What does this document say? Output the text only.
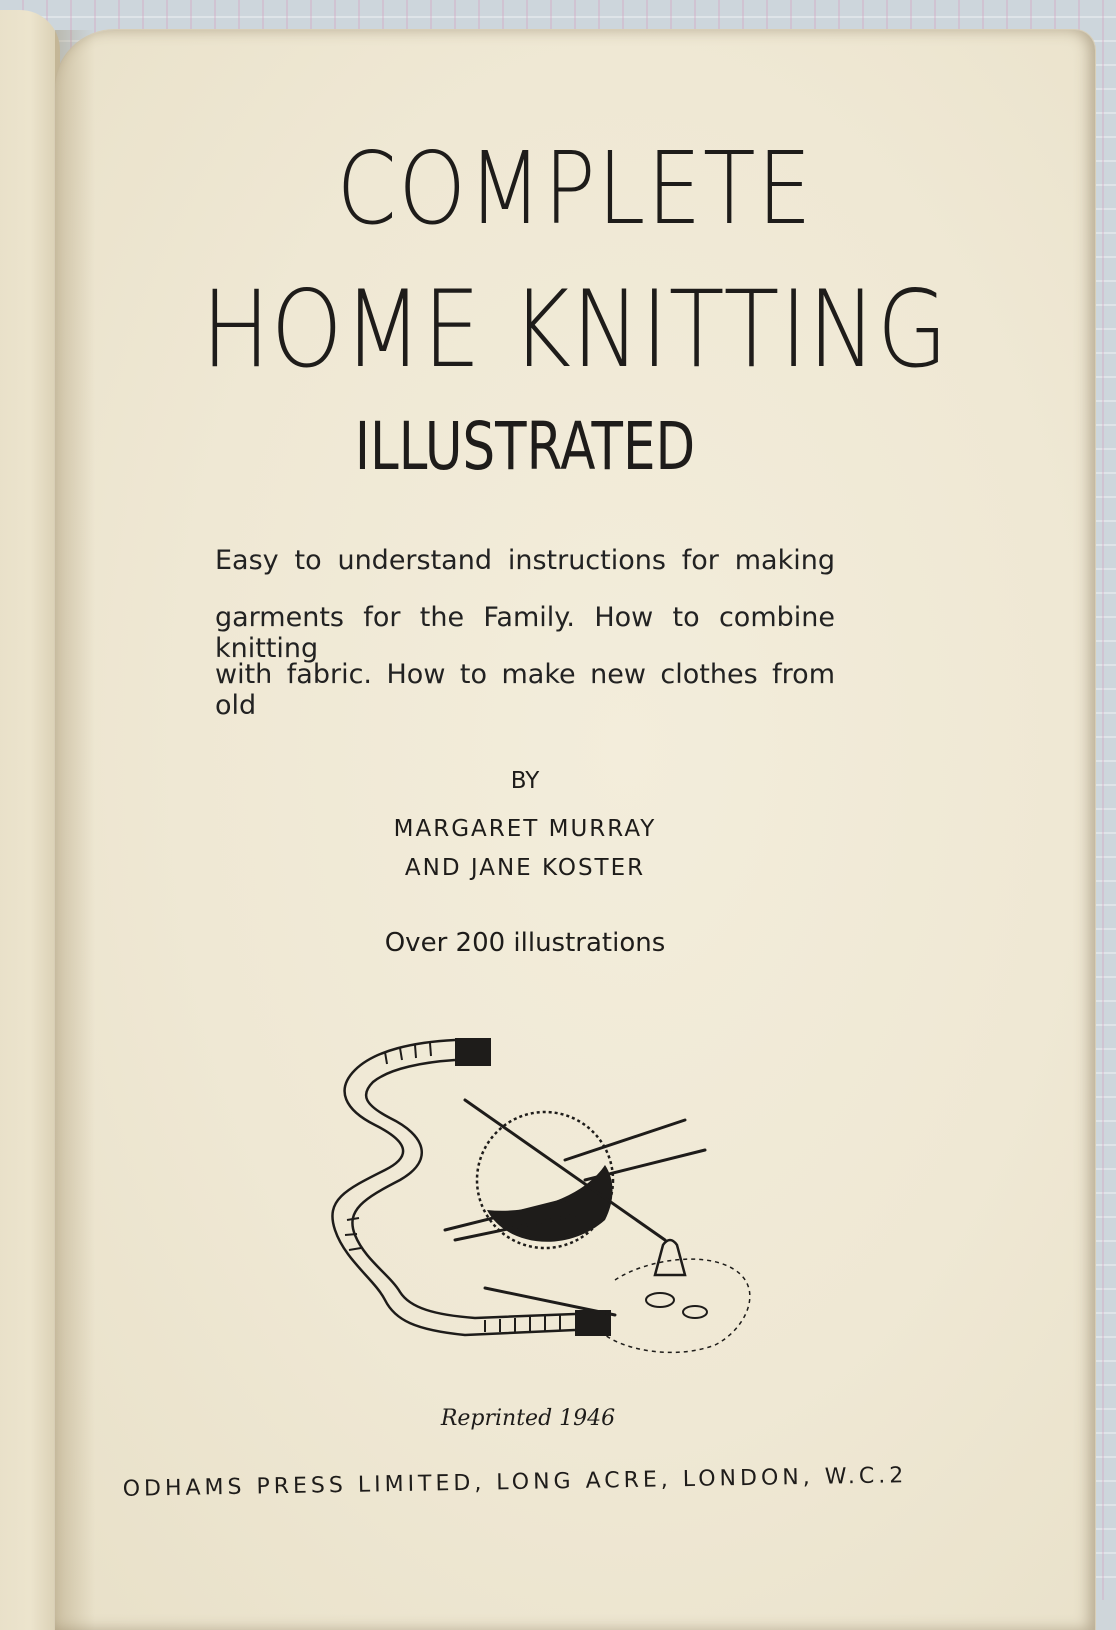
COMPLETE
HOME KNITTING
ILLUSTRATED
Easy to understand instructions for making
garments for the Family. How to combine knitting
with fabric. How to make new clothes from old
BY
MARGARET MURRAY
AND JANE KOSTER
Over 200 illustrations
Reprinted 1946
ODHAMS PRESS LIMITED, LONG ACRE, LONDON, W.C.2
